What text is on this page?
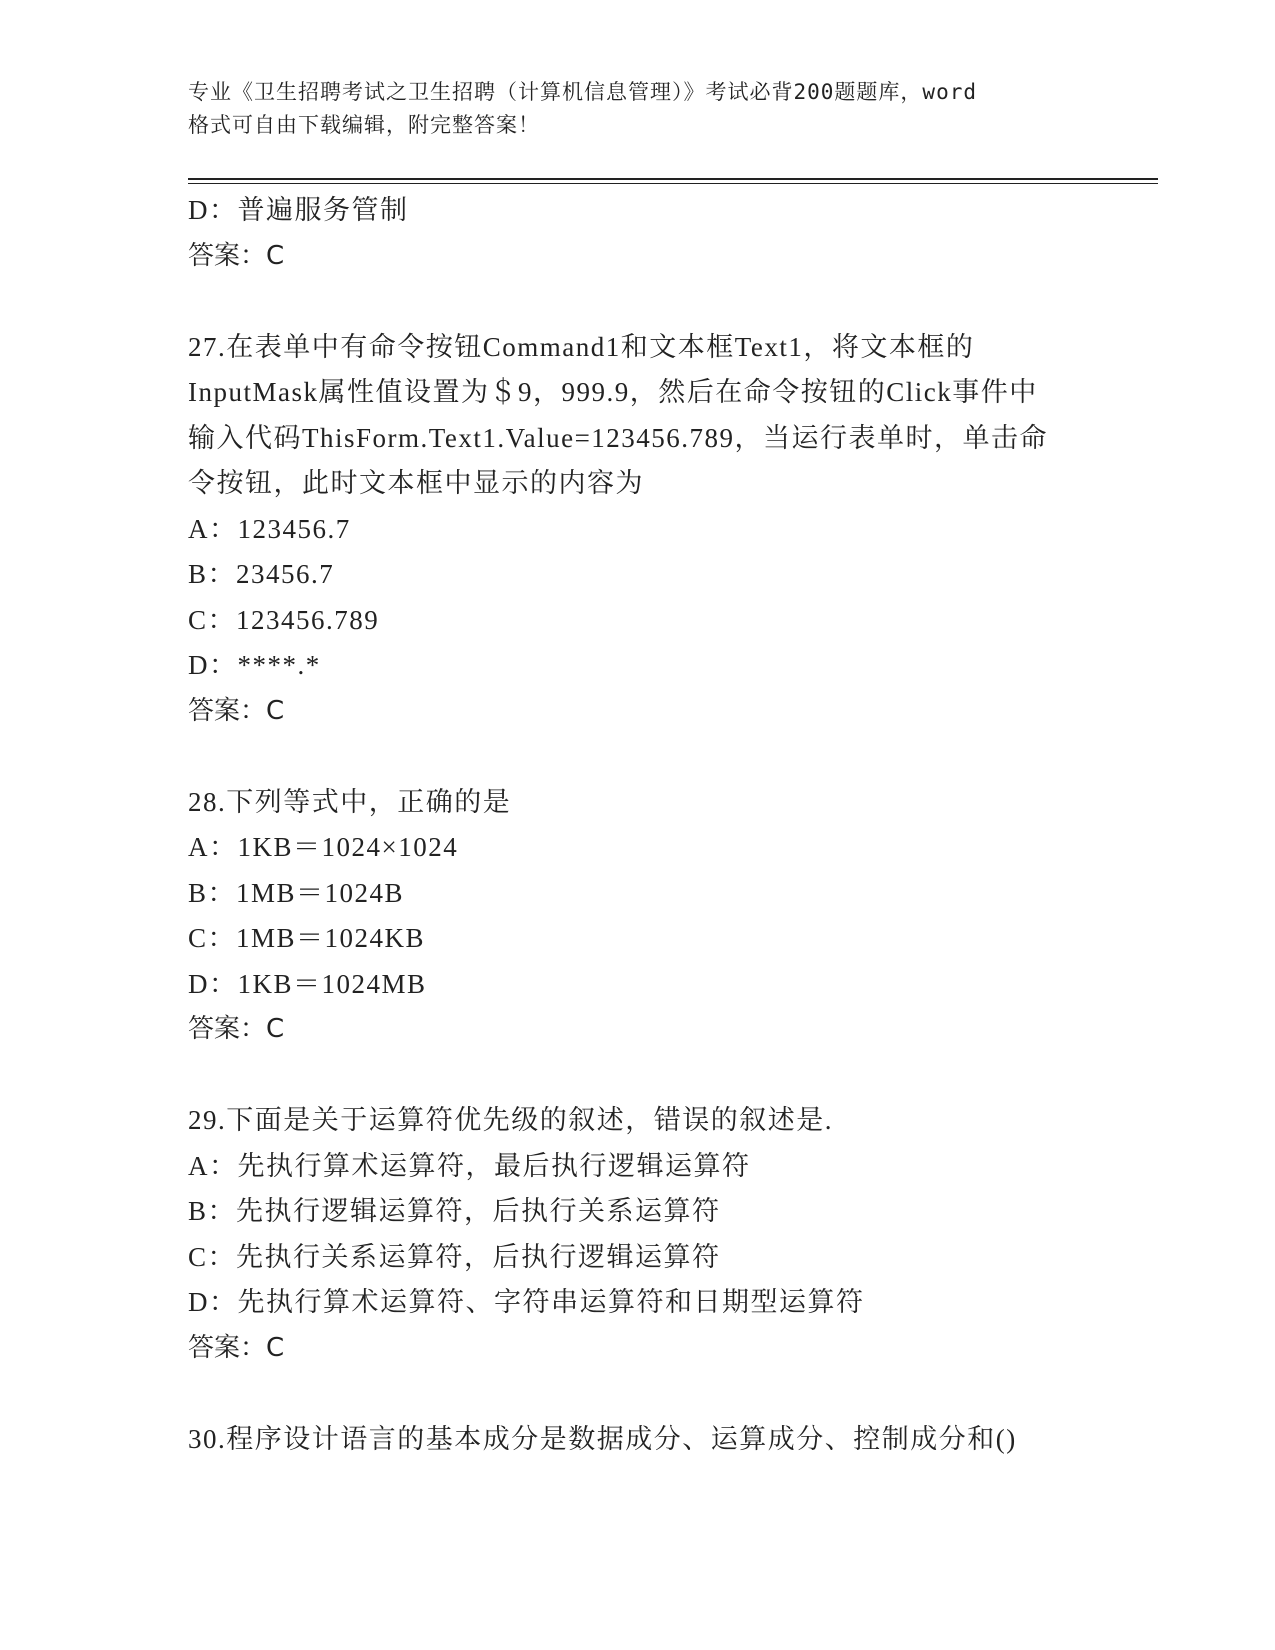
专业《卫生招聘考试之卫生招聘（计算机信息管理）》考试必背200题题库，word
格式可自由下载编辑，附完整答案！
D：普遍服务管制
答案：C
27.在表单中有命令按钮Command1和文本框Text1，将文本框的
InputMask属性值设置为＄9，999.9，然后在命令按钮的Click事件中
输入代码ThisForm.Text1.Value=123456.789，当运行表单时，单击命
令按钮，此时文本框中显示的内容为
A：123456.7
B：23456.7
C：123456.789
D：****.*
答案：C
28.下列等式中，正确的是
A：1KB＝1024×1024
B：1MB＝1024B
C：1MB＝1024KB
D：1KB＝1024MB
答案：C
29.下面是关于运算符优先级的叙述，错误的叙述是.
A：先执行算术运算符，最后执行逻辑运算符
B：先执行逻辑运算符，后执行关系运算符
C：先执行关系运算符，后执行逻辑运算符
D：先执行算术运算符、字符串运算符和日期型运算符
答案：C
30.程序设计语言的基本成分是数据成分、运算成分、控制成分和()
